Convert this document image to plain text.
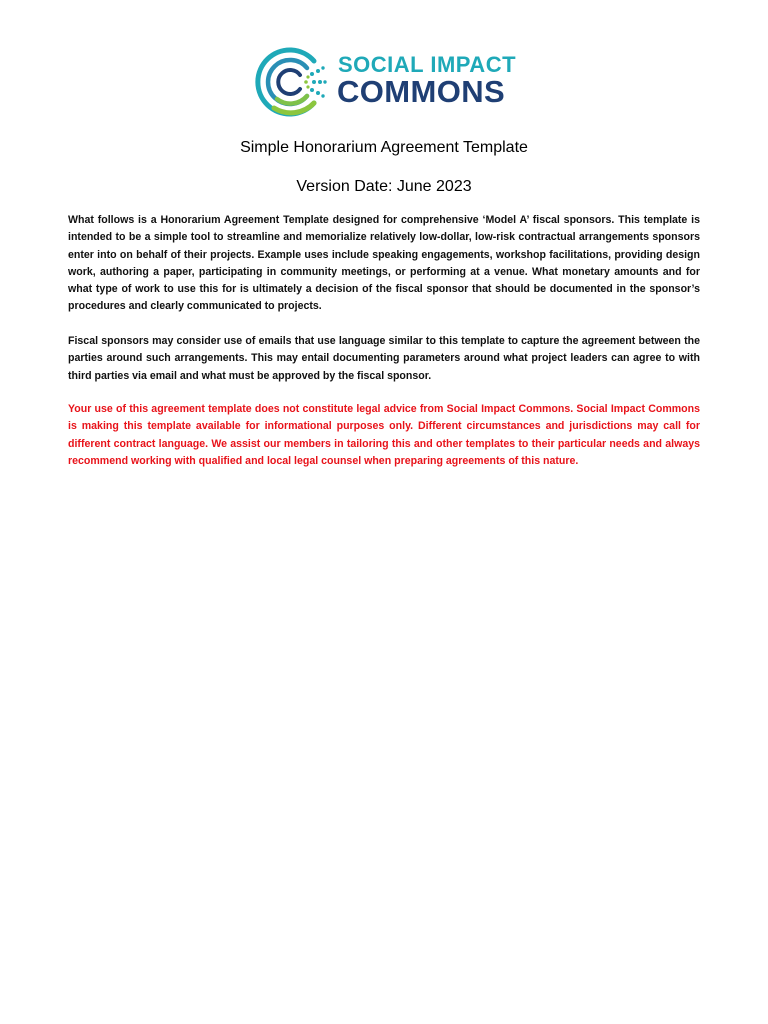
SOCIAL IMPACT
COMMONS
Simple Honorarium Agreement Template
Version Date: June 2023

What follows is a Honorarium Agreement Template designed for comprehensive ‘Model A’ fiscal sponsors. This template is intended to be a simple tool to streamline and memorialize relatively low-dollar, low-risk contractual arrangements sponsors enter into on behalf of their projects. Example uses include speaking engagements, workshop facilitations, providing design work, authoring a paper, participating in community meetings, or performing at a venue. What monetary amounts and for what type of work to use this for is ultimately a decision of the fiscal sponsor that should be documented in the sponsor’s procedures and clearly communicated to projects.

Fiscal sponsors may consider use of emails that use language similar to this template to capture the agreement between the parties around such arrangements. This may entail documenting parameters around what project leaders can agree to with third parties via email and what must be approved by the fiscal sponsor.

Your use of this agreement template does not constitute legal advice from Social Impact Commons. Social Impact Commons is making this template available for informational purposes only. Different circumstances and jurisdictions may call for different contract language. We assist our members in tailoring this and other templates to their particular needs and always recommend working with qualified and local legal counsel when preparing agreements of this nature.
